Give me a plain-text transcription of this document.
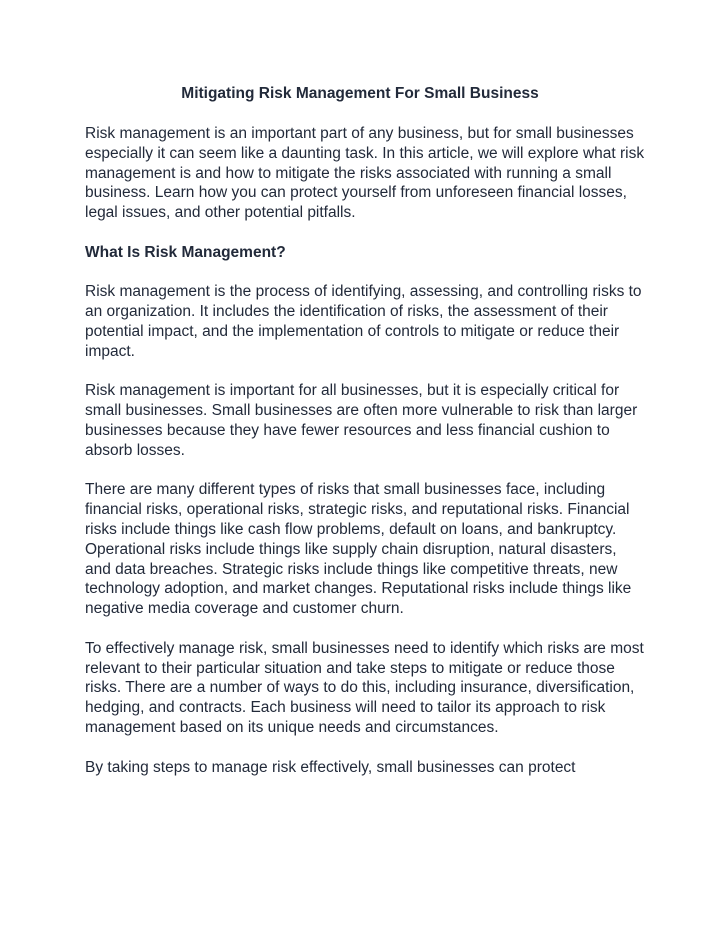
Mitigating Risk Management For Small Business

Risk management is an important part of any business, but for small businesses especially it can seem like a daunting task. In this article, we will explore what risk management is and how to mitigate the risks associated with running a small business. Learn how you can protect yourself from unforeseen financial losses, legal issues, and other potential pitfalls.

What Is Risk Management?

Risk management is the process of identifying, assessing, and controlling risks to an organization. It includes the identification of risks, the assessment of their potential impact, and the implementation of controls to mitigate or reduce their impact.

Risk management is important for all businesses, but it is especially critical for small businesses. Small businesses are often more vulnerable to risk than larger businesses because they have fewer resources and less financial cushion to absorb losses.

There are many different types of risks that small businesses face, including financial risks, operational risks, strategic risks, and reputational risks. Financial risks include things like cash flow problems, default on loans, and bankruptcy. Operational risks include things like supply chain disruption, natural disasters, and data breaches. Strategic risks include things like competitive threats, new technology adoption, and market changes. Reputational risks include things like negative media coverage and customer churn.

To effectively manage risk, small businesses need to identify which risks are most relevant to their particular situation and take steps to mitigate or reduce those risks. There are a number of ways to do this, including insurance, diversification, hedging, and contracts. Each business will need to tailor its approach to risk management based on its unique needs and circumstances.

By taking steps to manage risk effectively, small businesses can protect
